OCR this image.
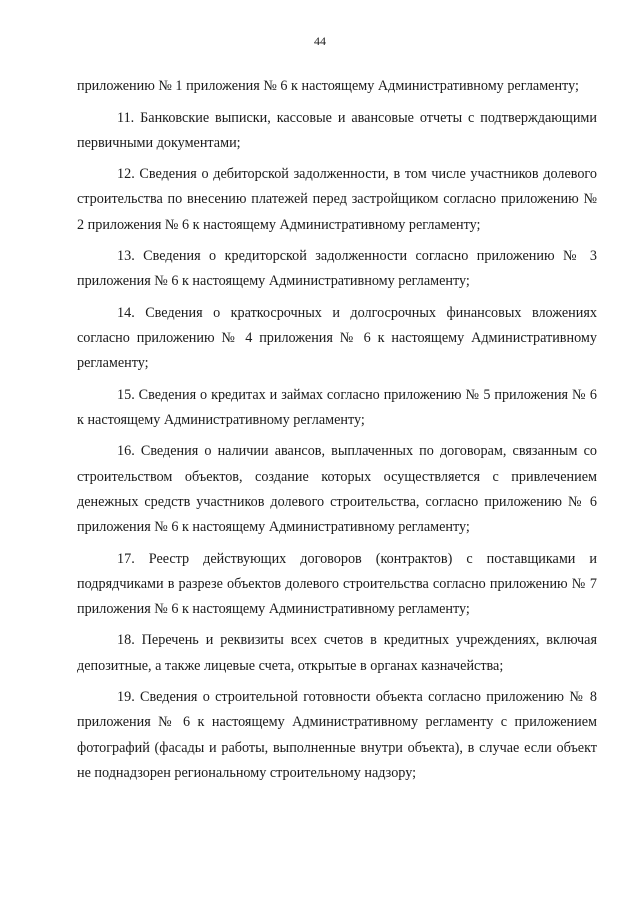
44

приложению № 1 приложения № 6 к настоящему Административному регламенту;

11. Банковские выписки, кассовые и авансовые отчеты с подтверждающими первичными документами;

12. Сведения о дебиторской задолженности, в том числе участников долевого строительства по внесению платежей перед застройщиком согласно приложению № 2 приложения № 6 к настоящему Административному регламенту;

13. Сведения о кредиторской задолженности согласно приложению № 3 приложения № 6 к настоящему Административному регламенту;

14. Сведения о краткосрочных и долгосрочных финансовых вложениях согласно приложению № 4 приложения № 6 к настоящему Административному регламенту;

15. Сведения о кредитах и займах согласно приложению № 5 приложения № 6 к настоящему Административному регламенту;

16. Сведения о наличии авансов, выплаченных по договорам, связанным со строительством объектов, создание которых осуществляется с привлечением денежных средств участников долевого строительства, согласно приложению № 6 приложения № 6 к настоящему Административному регламенту;

17. Реестр действующих договоров (контрактов) с поставщиками и подрядчиками в разрезе объектов долевого строительства согласно приложению № 7 приложения № 6 к настоящему Административному регламенту;

18. Перечень и реквизиты всех счетов в кредитных учреждениях, включая депозитные, а также лицевые счета, открытые в органах казначейства;

19. Сведения о строительной готовности объекта согласно приложению № 8 приложения № 6 к настоящему Административному регламенту с приложением фотографий (фасады и работы, выполненные внутри объекта), в случае если объект не поднадзорен региональному строительному надзору;
